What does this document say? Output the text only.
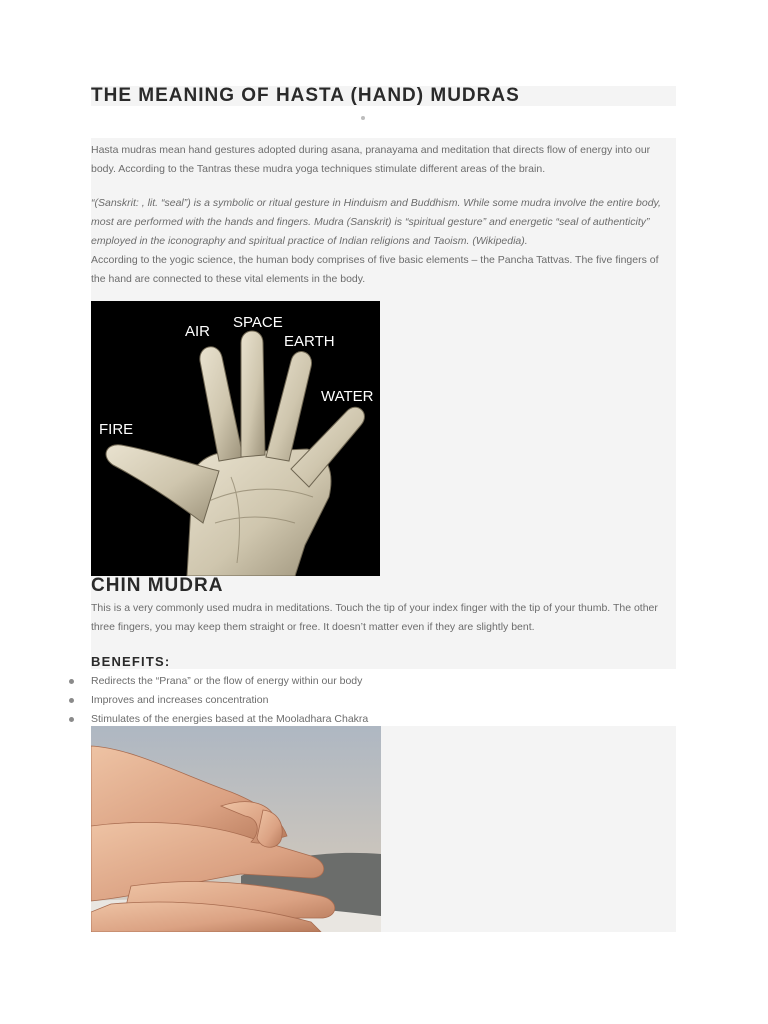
THE MEANING OF HASTA (HAND) MUDRAS

Hasta mudras mean hand gestures adopted during asana, pranayama and meditation that directs flow of energy into our body. According to the Tantras these mudra yoga techniques stimulate different areas of the brain.

“(Sanskrit: , lit. “seal”) is a symbolic or ritual gesture in Hinduism and Buddhism. While some mudra involve the entire body, most are performed with the hands and fingers. Mudra (Sanskrit) is “spiritual gesture” and energetic “seal of authenticity” employed in the iconography and spiritual practice of Indian religions and Taoism. (Wikipedia).

According to the yogic science, the human body comprises of five basic elements – the Pancha Tattvas. The five fingers of the hand are connected to these vital elements in the body.

AIR
SPACE
EARTH
WATER
FIRE
CHIN MUDRA

This is a very commonly used mudra in meditations. Touch the tip of your index finger with the tip of your thumb. The other three fingers, you may keep them straight or free. It doesn’t matter even if they are slightly bent.

BENEFITS:
Redirects the “Prana” or the flow of energy within our body
Improves and increases concentration
Stimulates of the energies based at the Mooladhara Chakra
